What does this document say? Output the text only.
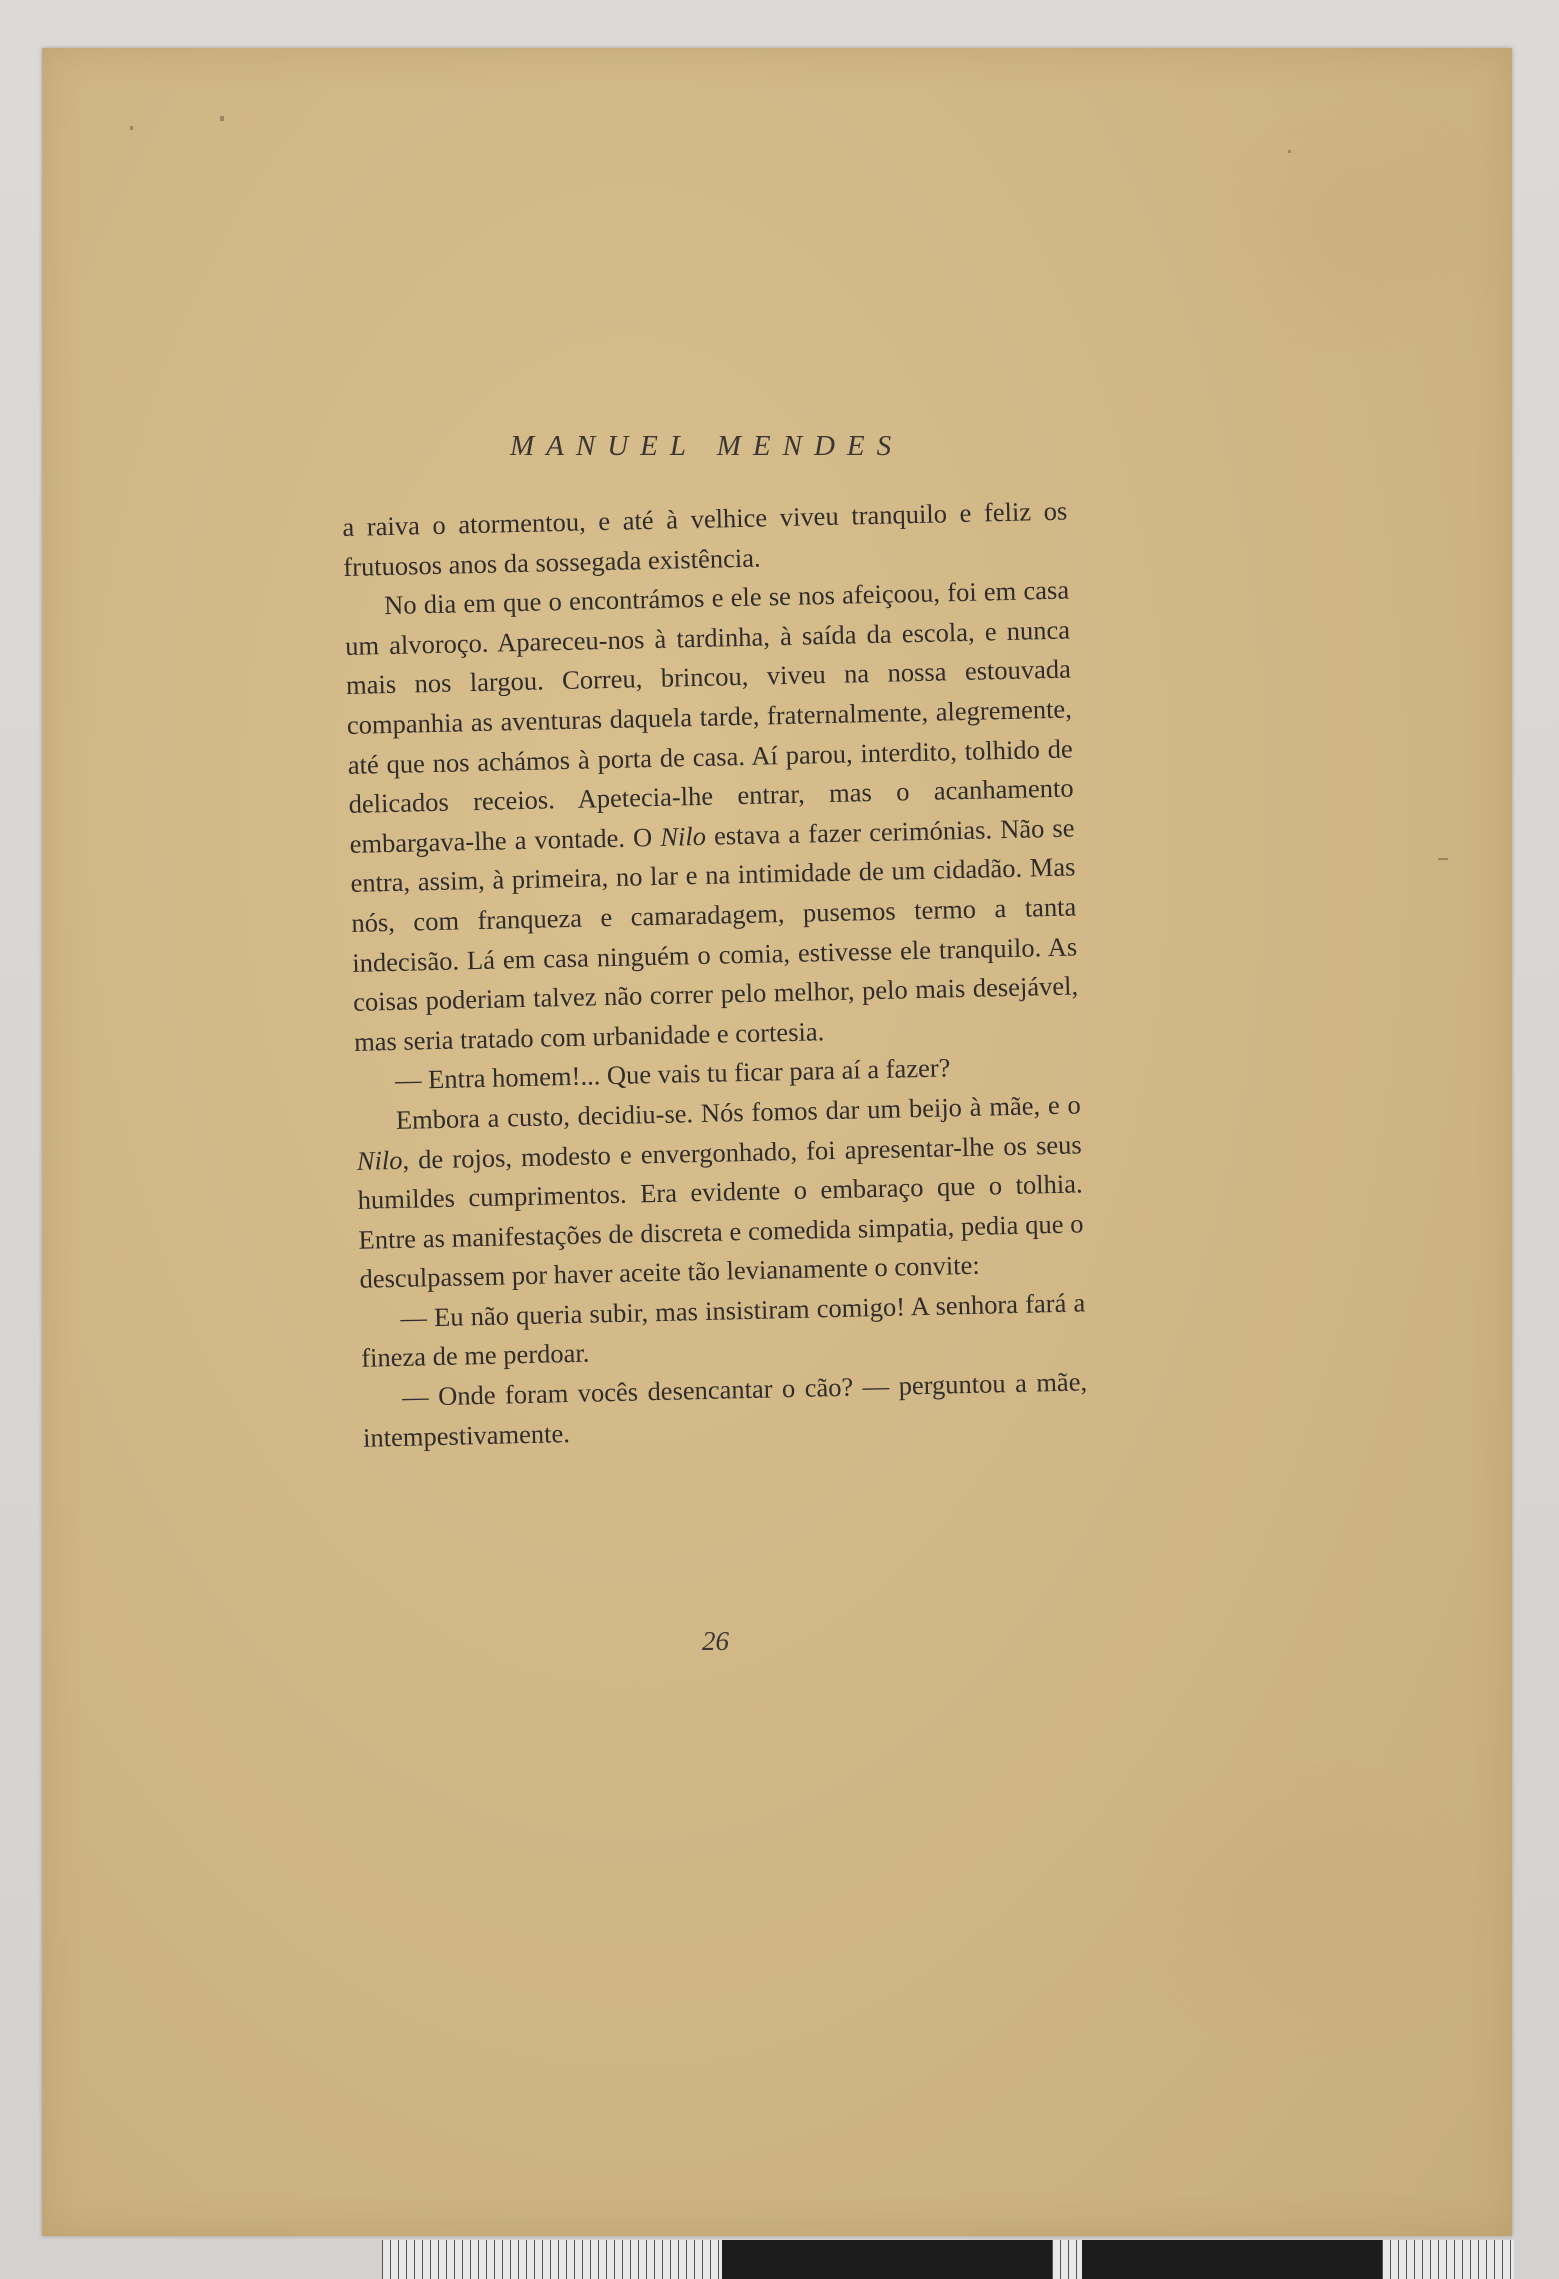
MANUEL MENDES

a raiva o atormentou, e até à velhice viveu tranquilo e feliz os frutuosos anos da sossegada existência.

No dia em que o encontrámos e ele se nos afeiçoou, foi em casa um alvoroço. Apareceu-nos à tardinha, à saída da escola, e nunca mais nos largou. Correu, brincou, viveu na nossa estouvada companhia as aventuras daquela tarde, fraternalmente, alegremente, até que nos achámos à porta de casa. Aí parou, interdito, tolhido de delicados receios. Apetecia-lhe entrar, mas o acanhamento embargava-lhe a vontade. O Nilo estava a fazer cerimónias. Não se entra, assim, à primeira, no lar e na intimidade de um cidadão. Mas nós, com franqueza e camaradagem, pusemos termo a tanta indecisão. Lá em casa ninguém o comia, estivesse ele tranquilo. As coisas poderiam talvez não correr pelo melhor, pelo mais desejável, mas seria tratado com urbanidade e cortesia.

— Entra homem!... Que vais tu ficar para aí a fazer?

Embora a custo, decidiu-se. Nós fomos dar um beijo à mãe, e o Nilo, de rojos, modesto e envergonhado, foi apresentar-lhe os seus humildes cumprimentos. Era evidente o embaraço que o tolhia. Entre as manifestações de discreta e comedida simpatia, pedia que o desculpassem por haver aceite tão levianamente o convite:

— Eu não queria subir, mas insistiram comigo! A senhora fará a fineza de me perdoar.

— Onde foram vocês desencantar o cão? — perguntou a mãe, intempestivamente.

26
